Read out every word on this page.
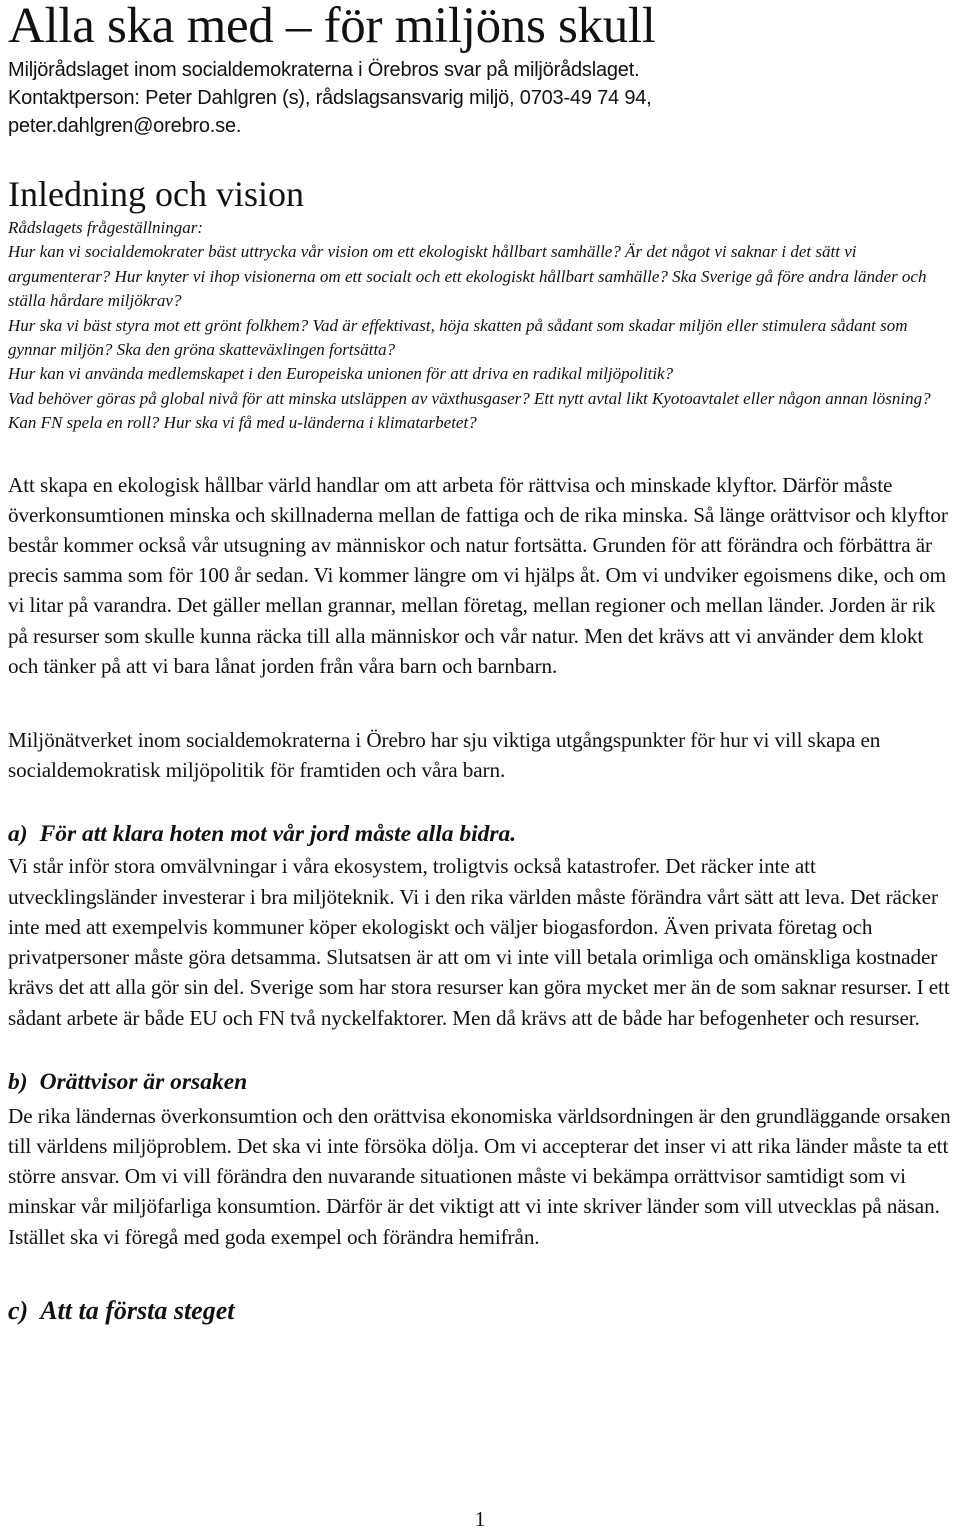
Alla ska med – för miljöns skull
Miljörådslaget inom socialdemokraterna i Örebros svar på miljörådslaget.
Kontaktperson: Peter Dahlgren (s), rådslagsansvarig miljö, 0703-49 74 94,
peter.dahlgren@orebro.se.
Inledning och vision
Rådslagets frågeställningar:
Hur kan vi socialdemokrater bäst uttrycka vår vision om ett ekologiskt hållbart samhälle? Är det något vi saknar i det sätt vi argumenterar? Hur knyter vi ihop visionerna om ett socialt och ett ekologiskt hållbart samhälle? Ska Sverige gå före andra länder och ställa hårdare miljökrav?
Hur ska vi bäst styra mot ett grönt folkhem? Vad är effektivast, höja skatten på sådant som skadar miljön eller stimulera sådant som gynnar miljön? Ska den gröna skatteväxlingen fortsätta?
Hur kan vi använda medlemskapet i den Europeiska unionen för att driva en radikal miljöpolitik?
Vad behöver göras på global nivå för att minska utsläppen av växthusgaser? Ett nytt avtal likt Kyotoavtalet eller någon annan lösning?
Kan FN spela en roll? Hur ska vi få med u-länderna i klimatarbetet?

Att skapa en ekologisk hållbar värld handlar om att arbeta för rättvisa och minskade klyftor. Därför måste överkonsumtionen minska och skillnaderna mellan de fattiga och de rika minska. Så länge orättvisor och klyftor består kommer också vår utsugning av människor och natur fortsätta. Grunden för att förändra och förbättra är precis samma som för 100 år sedan. Vi kommer längre om vi hjälps åt. Om vi undviker egoismens dike, och om vi litar på varandra. Det gäller mellan grannar, mellan företag, mellan regioner och mellan länder. Jorden är rik på resurser som skulle kunna räcka till alla människor och vår natur. Men det krävs att vi använder dem klokt och tänker på att vi bara lånat jorden från våra barn och barnbarn.

Miljönätverket inom socialdemokraterna i Örebro har sju viktiga utgångspunkter för hur vi vill skapa en socialdemokratisk miljöpolitik för framtiden och våra barn.

a) För att klara hoten mot vår jord måste alla bidra.
Vi står inför stora omvälvningar i våra ekosystem, troligtvis också katastrofer. Det räcker inte att utvecklingsländer investerar i bra miljöteknik. Vi i den rika världen måste förändra vårt sätt att leva. Det räcker inte med att exempelvis kommuner köper ekologiskt och väljer biogasfordon. Även privata företag och privatpersoner måste göra detsamma. Slutsatsen är att om vi inte vill betala orimliga och omänskliga kostnader krävs det att alla gör sin del. Sverige som har stora resurser kan göra mycket mer än de som saknar resurser. I ett sådant arbete är både EU och FN två nyckelfaktorer. Men då krävs att de både har befogenheter och resurser.
b) Orättvisor är orsaken
De rika ländernas överkonsumtion och den orättvisa ekonomiska världsordningen är den grundläggande orsaken till världens miljöproblem. Det ska vi inte försöka dölja. Om vi accepterar det inser vi att rika länder måste ta ett större ansvar. Om vi vill förändra den nuvarande situationen måste vi bekämpa orrättvisor samtidigt som vi minskar vår miljöfarliga konsumtion. Därför är det viktigt att vi inte skriver länder som vill utvecklas på näsan. Istället ska vi föregå med goda exempel och förändra hemifrån.
c) Att ta första steget
1
